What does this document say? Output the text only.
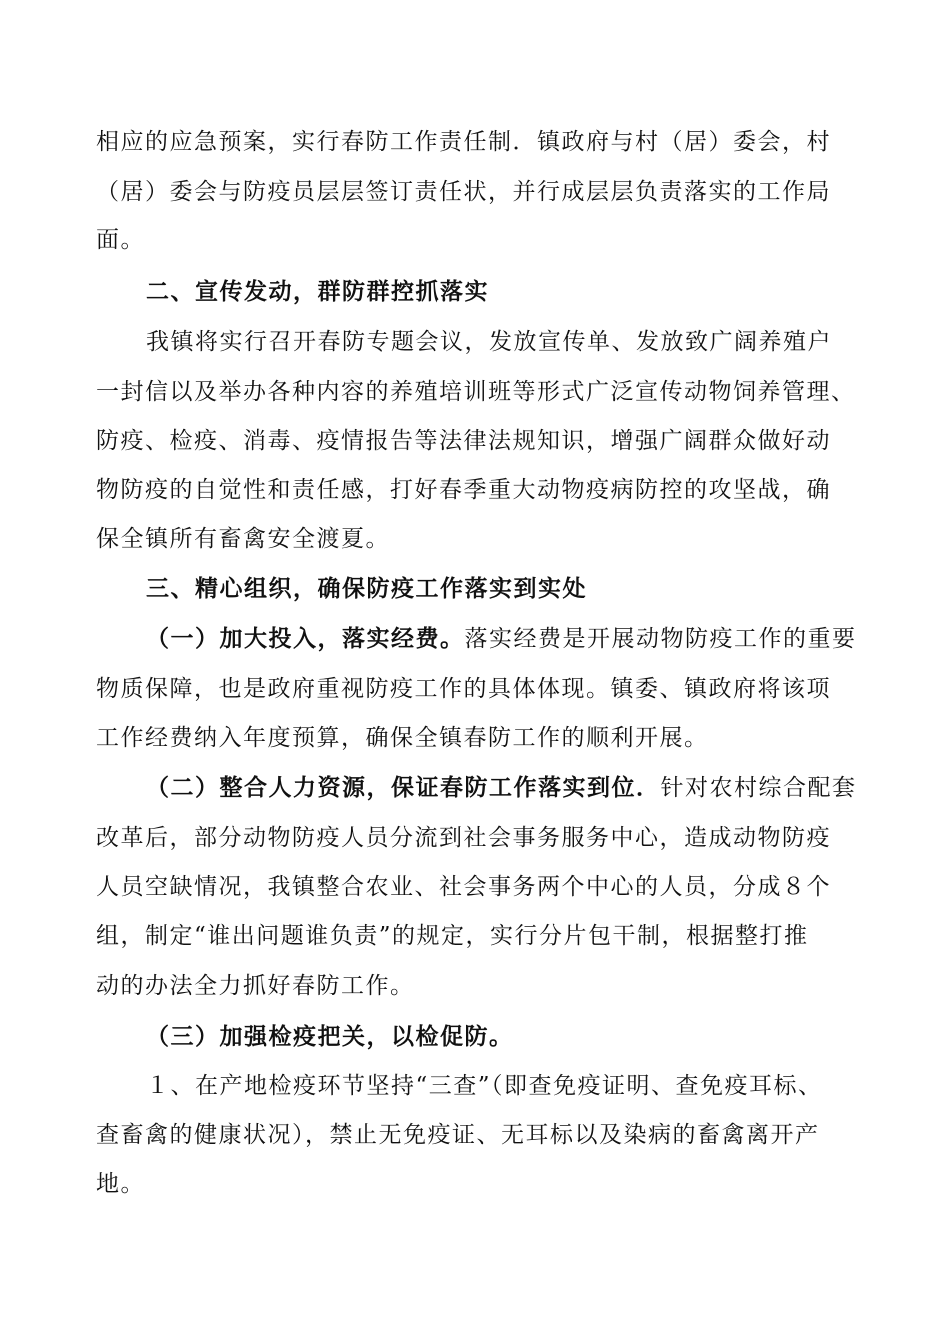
相应的应急预案，实行春防工作责任制．镇政府与村（居）委会，村
（居）委会与防疫员层层签订责任状，并行成层层负责落实的工作局
面。
二、宣传发动，群防群控抓落实
我镇将实行召开春防专题会议，发放宣传单、发放致广阔养殖户
一封信以及举办各种内容的养殖培训班等形式广泛宣传动物饲养管理、
防疫、检疫、消毒、疫情报告等法律法规知识，增强广阔群众做好动
物防疫的自觉性和责任感，打好春季重大动物疫病防控的攻坚战，确
保全镇所有畜禽安全渡夏。
三、精心组织，确保防疫工作落实到实处
（一）加大投入，落实经费。落实经费是开展动物防疫工作的重要
物质保障，也是政府重视防疫工作的具体体现。镇委、镇政府将该项
工作经费纳入年度预算，确保全镇春防工作的顺利开展。
（二）整合人力资源，保证春防工作落实到位．针对农村综合配套
改革后，部分动物防疫人员分流到社会事务服务中心，造成动物防疫
人员空缺情况，我镇整合农业、社会事务两个中心的人员，分成８个
组，制定“谁出问题谁负责”的规定，实行分片包干制，根据整打推
动的办法全力抓好春防工作。
（三）加强检疫把关，以检促防。
１、在产地检疫环节坚持“三查”（即查免疫证明、查免疫耳标、
查畜禽的健康状况），禁止无免疫证、无耳标以及染病的畜禽离开产
地。
